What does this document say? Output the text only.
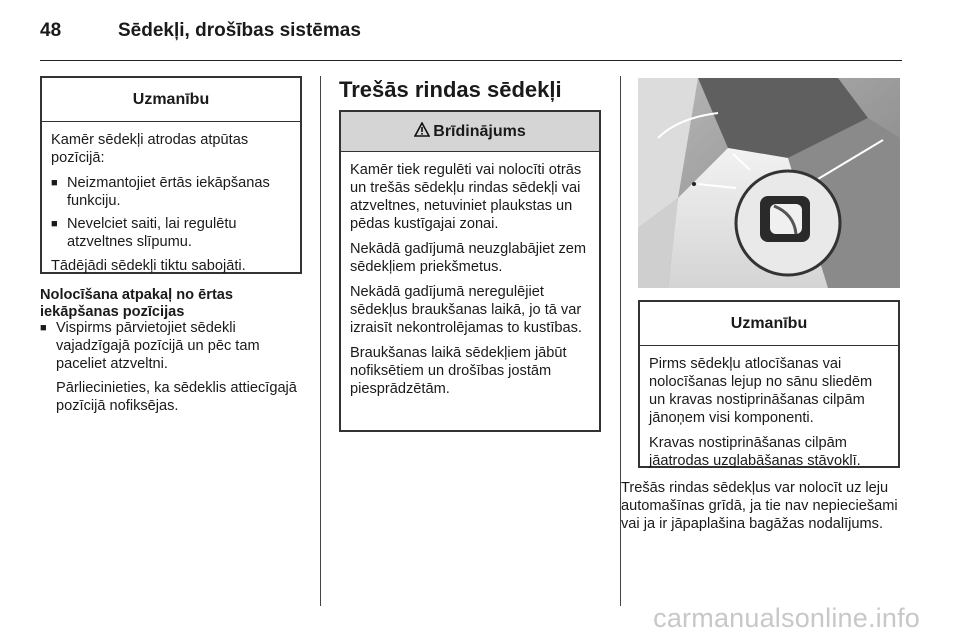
48	Sēdekļi, drošības sistēmas
Uzmanību

Kamēr sēdekļi atrodas atpūtas pozīcijā:

■ Neizmantojiet ērtās iekāpšanas funkciju.
■ Nevelciet saiti, lai regulētu atzveltnes slīpumu.

Tādējādi sēdekļi tiktu sabojāti.

Nolocīšana atpakaļ no ērtas iekāpšanas pozīcijas
■ Vispirms pārvietojiet sēdekli vajadzīgajā pozīcijā un pēc tam paceliet atzveltni.

Pārliecinieties, ka sēdeklis attiecīgajā pozīcijā nofiksējas.

Trešās rindas sēdekļi
Brīdinājums

Kamēr tiek regulēti vai nolocīti otrās un trešās sēdekļu rindas sēdekļi vai atzveltnes, netuviniet plaukstas un pēdas kustīgajai zonai.

Nekādā gadījumā neuzglabājiet zem sēdekļiem priekšmetus.

Nekādā gadījumā neregulējiet sēdekļus braukšanas laikā, jo tā var izraisīt nekontrolējamas to kustības.

Braukšanas laikā sēdekļiem jābūt nofiksētiem un drošības jostām piesprādzētām.

Uzmanību

Pirms sēdekļu atlocīšanas vai nolocīšanas lejup no sānu sliedēm un kravas nostiprināšanas cilpām jānoņem visi komponenti.

Kravas nostiprināšanas cilpām jāatrodas uzglabāšanas stāvoklī.

Trešās rindas sēdekļus var nolocīt uz leju automašīnas grīdā, ja tie nav nepieciešami vai ja ir jāpaplašina bagāžas nodalījums.

carmanualsonline.info
